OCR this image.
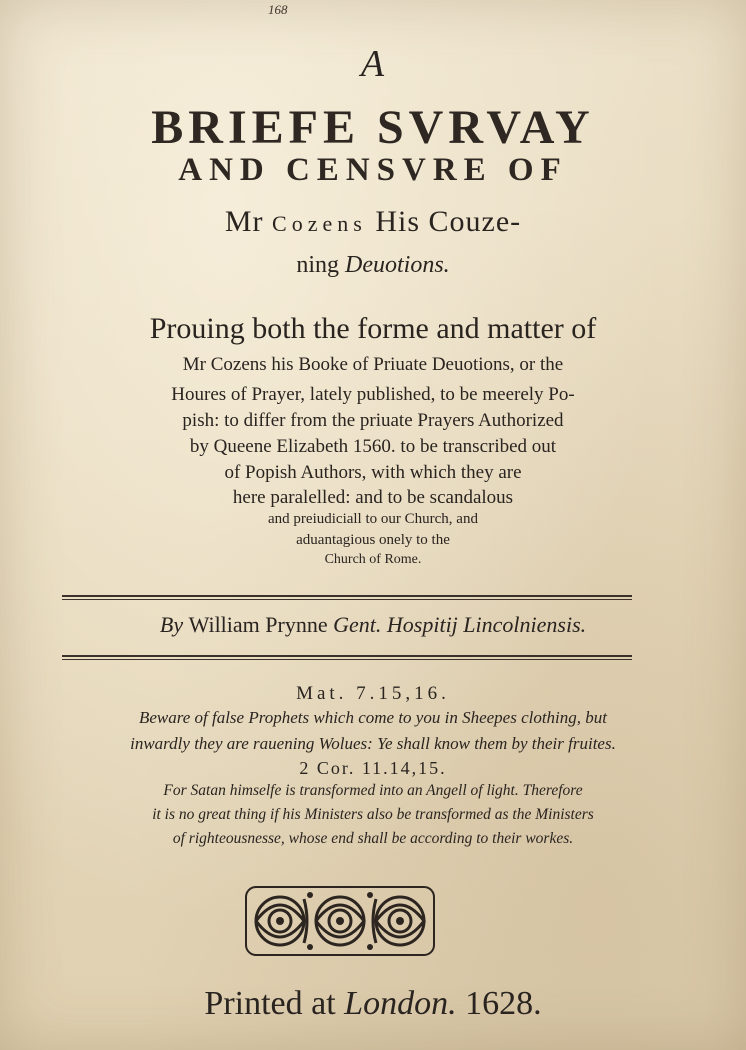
168
A
BRIEFE SVRVAY
AND CENSVRE OF
Mr Cozens His Couze-
ning Deuotions.
Prouing both the forme and matter of
Mr Cozens his Booke of Priuate Deuotions, or the
Houres of Prayer, lately published, to be meerely Po-
pish: to differ from the priuate Prayers Authorized
by Queene Elizabeth 1560. to be transcribed out
of Popish Authors, with which they are
here paralelled: and to be scandalous
and preiudiciall to our Church, and
aduantagious onely to the
Church of Rome.
By William Prynne Gent. Hospitij Lincolniensis.
Mat. 7.15,16.
Beware of false Prophets which come to you in Sheepes clothing, but
inwardly they are rauening Wolues: Ye shall know them by their fruites.
2 Cor. 11.14,15.
For Satan himselfe is transformed into an Angell of light. Therefore
it is no great thing if his Ministers also be transformed as the Ministers
of righteousnesse, whose end shall be according to their workes.
Printed at London. 1628.
